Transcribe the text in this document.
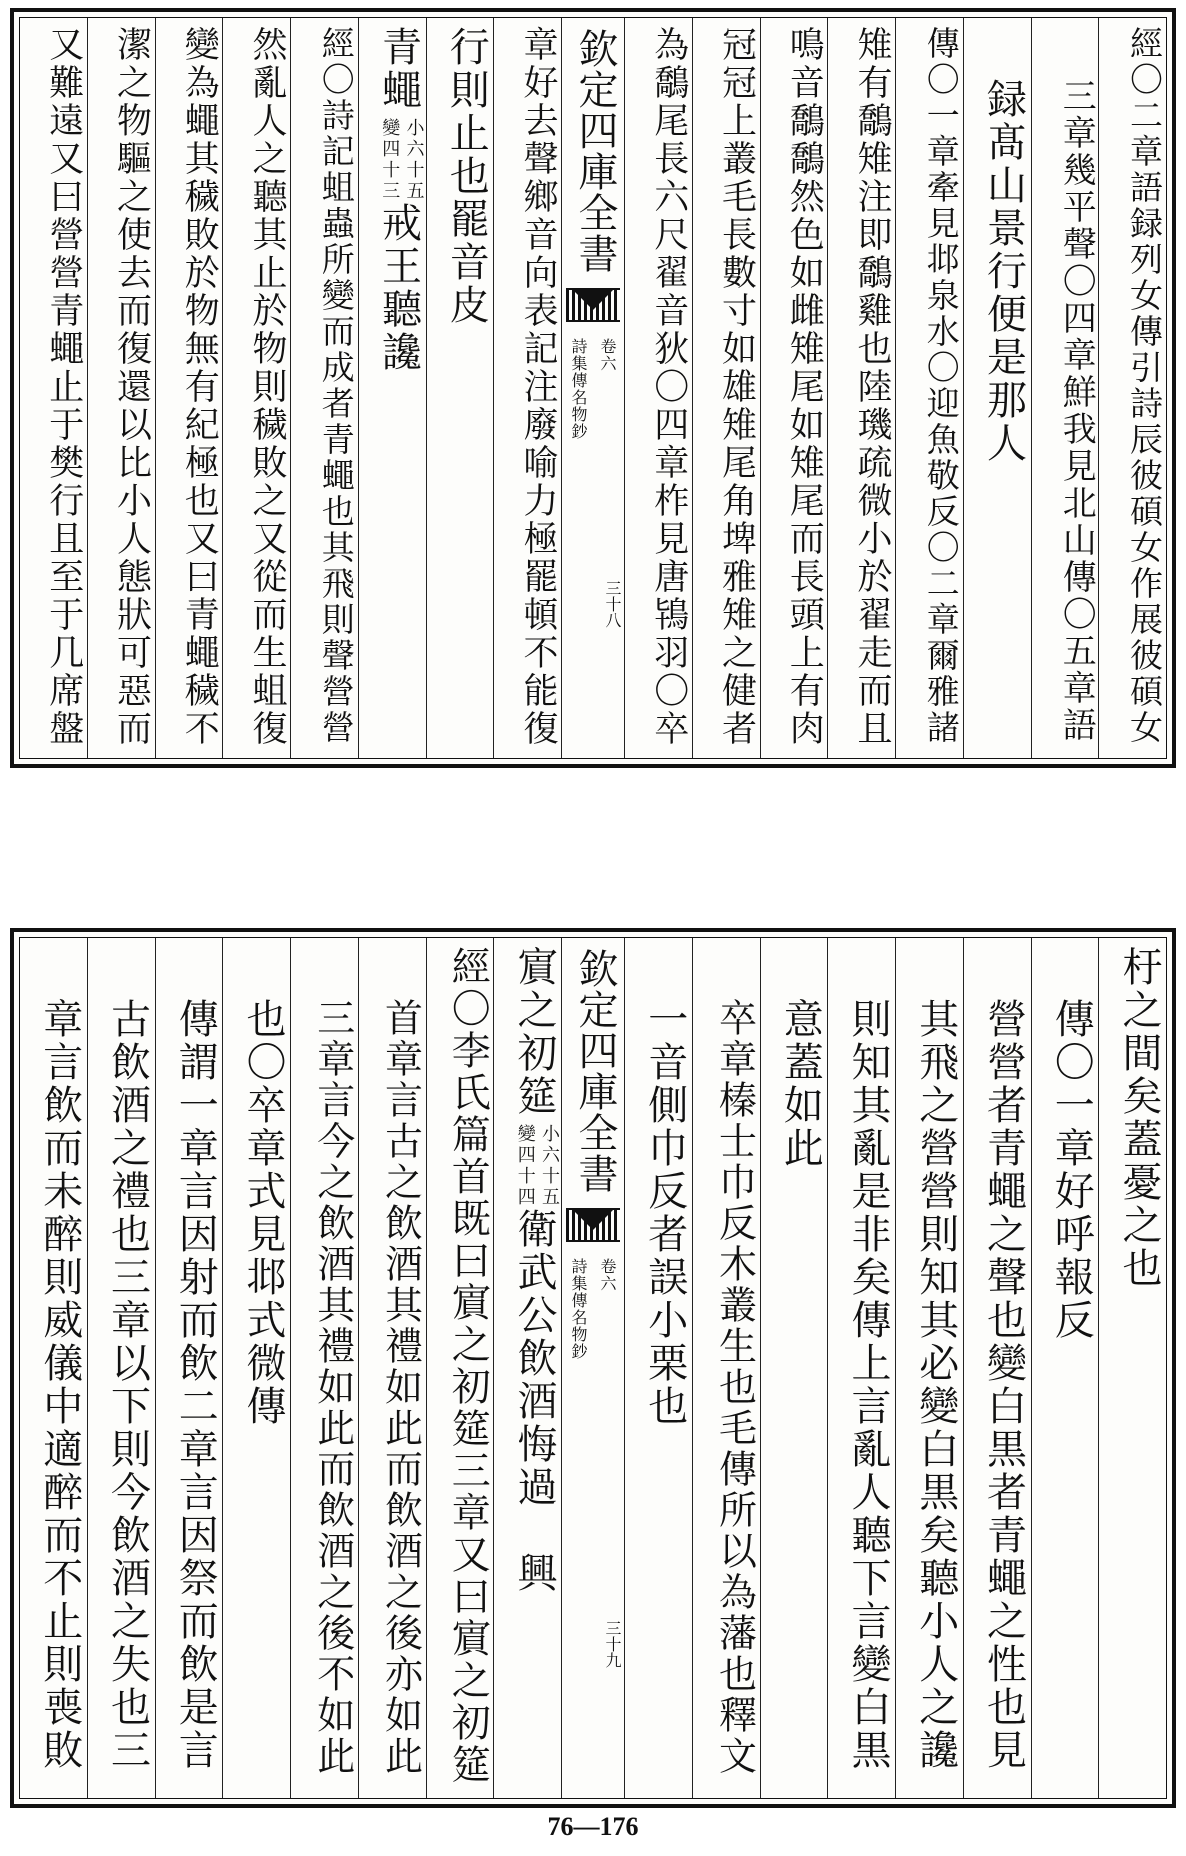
經〇二章語録列女傳引詩辰彼碩女作展彼碩女
三章幾平聲〇四章鮮我見北山傳〇五章語
録髙山景行便是那人
傳〇一章牽見邶泉水〇迎魚敬反〇二章爾雅諸
雉有鷮雉注即鷮雞也陸璣疏微小於翟走而且
鳴音鷮鷮然色如雌雉尾如雉尾而長頭上有肉
冠冠上叢毛長數寸如雄雉尾角埤雅雉之健者
為鷮尾長六尺翟音狄〇四章柞見唐鴇羽〇卒
欽定四庫全書
詩集傳名物鈔 卷六
三十八
章好去聲鄉音向表記注廢喻力極罷頓不能復
行則止也罷音皮
青蠅
小六十五
變四十三
戒王聽讒
經〇詩記蛆蟲所變而成者青蠅也其飛則聲營營
然亂人之聽其止於物則穢敗之又從而生蛆復
變為蠅其穢敗於物無有紀極也又曰青蠅穢不
潔之物驅之使去而復還以比小人態狀可惡而
又難遠又曰營營青蠅止于樊行且至于几席盤
杅之間矣蓋憂之也
傳〇一章好呼報反
營營者青蠅之聲也變白黒者青蠅之性也見
其飛之營營則知其必變白黒矣聽小人之讒
則知其亂是非矣傳上言亂人聽下言變白黒
意蓋如此
卒章榛士巾反木叢生也毛傳所以為藩也釋文
一音側巾反者誤小栗也
欽定四庫全書
詩集傳名物鈔 卷六
三十九
賔之初筵
小六十五
變四十四
衛武公飲酒悔過　興
經〇李氏篇首既曰賔之初筵三章又曰賔之初筵
首章言古之飲酒其禮如此而飲酒之後亦如此
三章言今之飲酒其禮如此而飲酒之後不如此
也〇卒章式見邶式微傳
傳謂一章言因射而飲二章言因祭而飲是言
古飲酒之禮也三章以下則今飲酒之失也三
章言飲而未醉則威儀中適醉而不止則喪敗
76—176
